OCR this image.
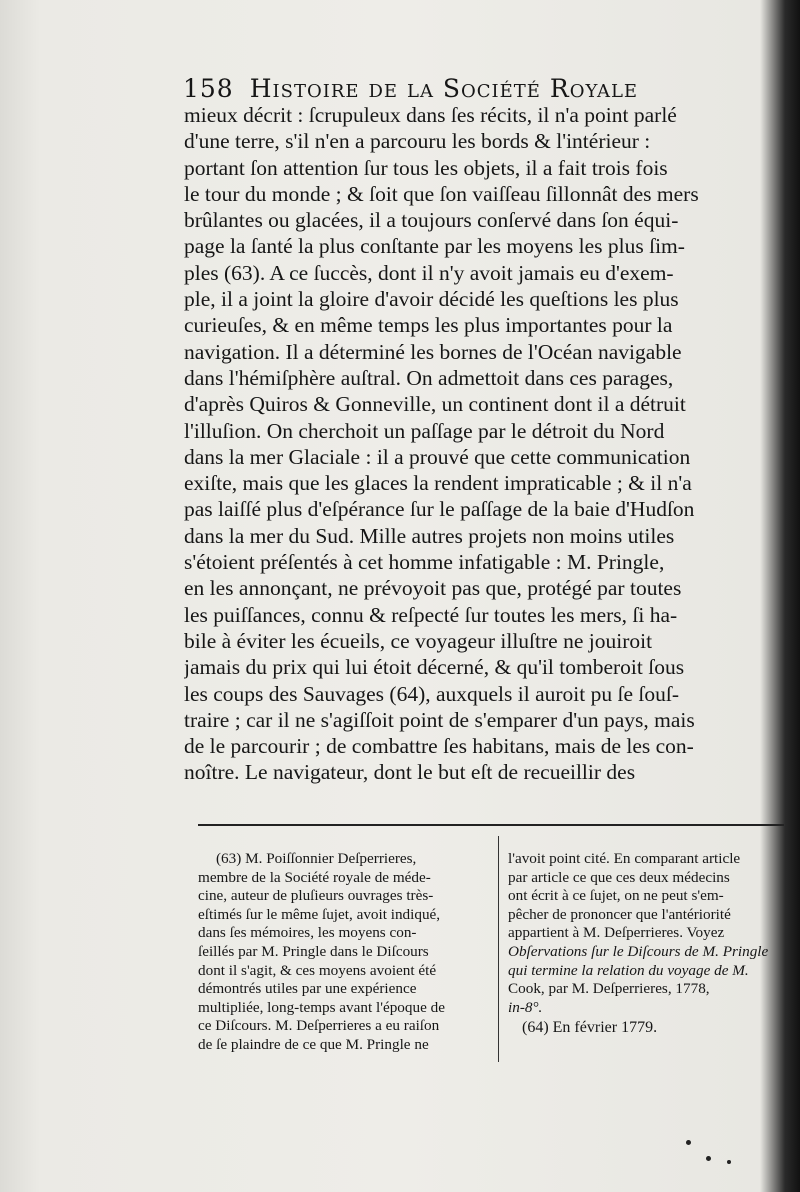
158 Histoire de la Société Royale
mieux décrit : ſcrupuleux dans ſes récits, il n'a point parlé
d'une terre, s'il n'en a parcouru les bords & l'intérieur :
portant ſon attention ſur tous les objets, il a fait trois fois
le tour du monde ; & ſoit que ſon vaiſſeau ſillonnât des mers
brûlantes ou glacées, il a toujours conſervé dans ſon équi-
page la ſanté la plus conſtante par les moyens les plus ſim-
ples (63). A ce ſuccès, dont il n'y avoit jamais eu d'exem-
ple, il a joint la gloire d'avoir décidé les queſtions les plus
curieuſes, & en même temps les plus importantes pour la
navigation. Il a déterminé les bornes de l'Océan navigable
dans l'hémiſphère auſtral. On admettoit dans ces parages,
d'après Quiros & Gonneville, un continent dont il a détruit
l'illuſion. On cherchoit un paſſage par le détroit du Nord
dans la mer Glaciale : il a prouvé que cette communication
exiſte, mais que les glaces la rendent impraticable ; & il n'a
pas laiſſé plus d'eſpérance ſur le paſſage de la baie d'Hudſon
dans la mer du Sud. Mille autres projets non moins utiles
s'étoient préſentés à cet homme infatigable : M. Pringle,
en les annonçant, ne prévoyoit pas que, protégé par toutes
les puiſſances, connu & reſpecté ſur toutes les mers, ſi ha-
bile à éviter les écueils, ce voyageur illuſtre ne jouiroit
jamais du prix qui lui étoit décerné, & qu'il tomberoit ſous
les coups des Sauvages (64), auxquels il auroit pu ſe ſouſ-
traire ; car il ne s'agiſſoit point de s'emparer d'un pays, mais
de le parcourir ; de combattre ſes habitans, mais de les con-
noître. Le navigateur, dont le but eſt de recueillir des
(63) M. Poiſſonnier Deſperrieres,
membre de la Société royale de méde-
cine, auteur de pluſieurs ouvrages très-
eſtimés ſur le même ſujet, avoit indiqué,
dans ſes mémoires, les moyens con-
ſeillés par M. Pringle dans le Diſcours
dont il s'agit, & ces moyens avoient été
démontrés utiles par une expérience
multipliée, long-temps avant l'époque de
ce Diſcours. M. Deſperrieres a eu raiſon
de ſe plaindre de ce que M. Pringle ne
l'avoit point cité. En comparant article
par article ce que ces deux médecins
ont écrit à ce ſujet, on ne peut s'em-
pêcher de prononcer que l'antériorité
appartient à M. Deſperrieres. Voyez
Obſervations ſur le Diſcours de M. Pringle
qui termine la relation du voyage de M.
Cook, par M. Deſperrieres, 1778,
in-8°.
(64) En février 1779.
